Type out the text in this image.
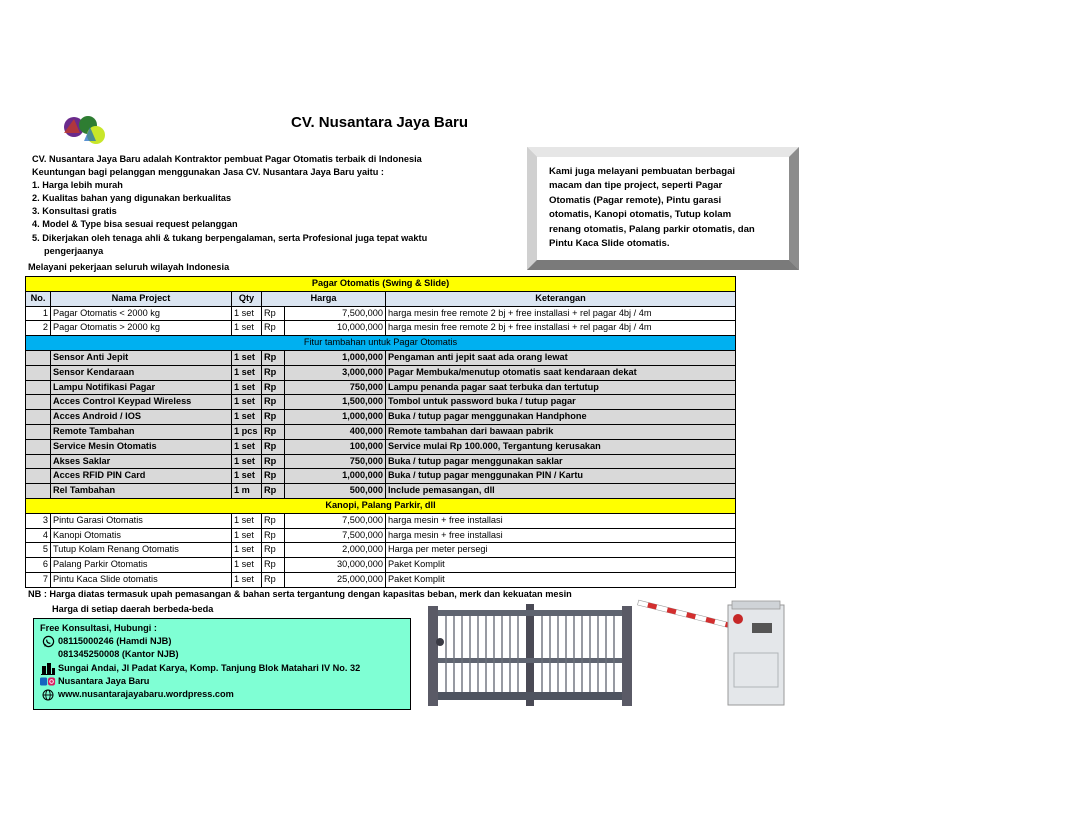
CV. Nusantara Jaya Baru
CV. Nusantara Jaya Baru adalah Kontraktor pembuat Pagar Otomatis terbaik di Indonesia
Keuntungan bagi pelanggan menggunakan Jasa CV. Nusantara Jaya Baru yaitu :
1. Harga lebih murah
2. Kualitas bahan yang digunakan berkualitas
3. Konsultasi gratis
4. Model & Type bisa sesuai request pelanggan
5. Dikerjakan oleh tenaga ahli & tukang berpengalaman, serta Profesional juga tepat waktu
pengerjaanya
Kami juga melayani pembuatan berbagai
macam dan tipe project, seperti Pagar
Otomatis (Pagar remote), Pintu garasi
otomatis, Kanopi otomatis, Tutup kolam
renang otomatis, Palang parkir otomatis, dan
Pintu Kaca Slide otomatis.
Melayani pekerjaan seluruh wilayah Indonesia
Pagar Otomatis (Swing & Slide)					
No.	Nama Project	Qty	Harga		Keterangan
1	Pagar Otomatis < 2000 kg	1 set	Rp	7,500,000	harga mesin free remote 2 bj + free installasi + rel pagar 4bj / 4m
2	Pagar Otomatis > 2000 kg	1 set	Rp	10,000,000	harga mesin free remote 2 bj + free installasi + rel pagar 4bj / 4m
Fitur tambahan untuk Pagar Otomatis					
	Sensor Anti Jepit	1 set	Rp	1,000,000	Pengaman anti jepit saat ada orang lewat
	Sensor Kendaraan	1 set	Rp	3,000,000	Pagar Membuka/menutup otomatis saat kendaraan dekat
	Lampu Notifikasi Pagar	1 set	Rp	750,000	Lampu penanda pagar saat terbuka dan tertutup
	Acces Control Keypad Wireless	1 set	Rp	1,500,000	Tombol untuk password buka / tutup pagar
	Acces Android / IOS	1 set	Rp	1,000,000	Buka / tutup pagar menggunakan Handphone
	Remote Tambahan	1 pcs	Rp	400,000	Remote tambahan dari bawaan pabrik
	Service Mesin Otomatis	1 set	Rp	100,000	Service mulai Rp 100.000, Tergantung kerusakan
	Akses Saklar	1 set	Rp	750,000	Buka / tutup pagar menggunakan saklar
	Acces RFID PIN Card	1 set	Rp	1,000,000	Buka / tutup pagar menggunakan PIN / Kartu
	Rel Tambahan	1 m	Rp	500,000	Include pemasangan, dll
Kanopi, Palang Parkir, dll					
3	Pintu Garasi Otomatis	1 set	Rp	7,500,000	harga mesin + free installasi
4	Kanopi Otomatis	1 set	Rp	7,500,000	harga mesin + free installasi
5	Tutup Kolam Renang Otomatis	1 set	Rp	2,000,000	Harga per meter persegi
6	Palang Parkir Otomatis	1 set	Rp	30,000,000	Paket Komplit
7	Pintu Kaca Slide otomatis	1 set	Rp	25,000,000	Paket Komplit
NB : Harga diatas termasuk upah pemasangan & bahan serta tergantung dengan kapasitas beban, merk dan kekuatan mesin
Harga di setiap daerah berbeda-beda
Free Konsultasi, Hubungi :
08115000246 (Hamdi NJB)
081345250008 (Kantor NJB)
Sungai Andai, Jl Padat Karya, Komp. Tanjung Blok Matahari IV No. 32
Nusantara Jaya Baru
www.nusantarajayabaru.wordpress.com
